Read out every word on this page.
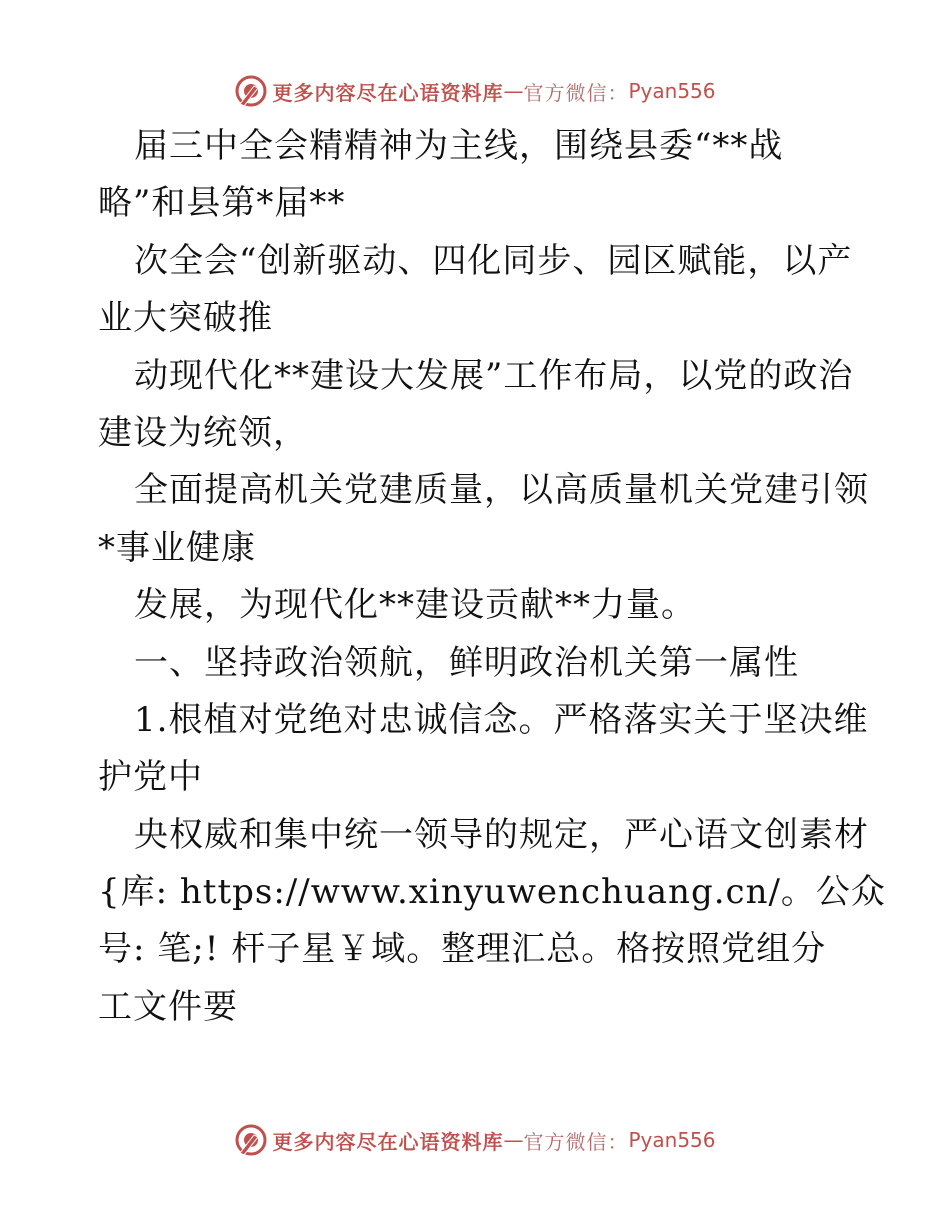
更多内容尽在心语资料库 — 官方微信： Pyan556
届三中全会精精神为主线，围绕县委“**战
略”和县第*届**
次全会“创新驱动、四化同步、园区赋能，以产
业大突破推
动现代化**建设大发展”工作布局，以党的政治
建设为统领，
全面提高机关党建质量，以高质量机关党建引领
*事业健康
发展，为现代化**建设贡献**力量。
一、坚持政治领航，鲜明政治机关第一属性
1.根植对党绝对忠诚信念。严格落实关于坚决维
护党中
央权威和集中统一领导的规定，严心语文创素材
{库: https://www.xinyuwenchuang.cn/。公众
号: 笔;! 杆子星￥域。整理汇总。格按照党组分
工文件要
更多内容尽在心语资料库 — 官方微信： Pyan556
